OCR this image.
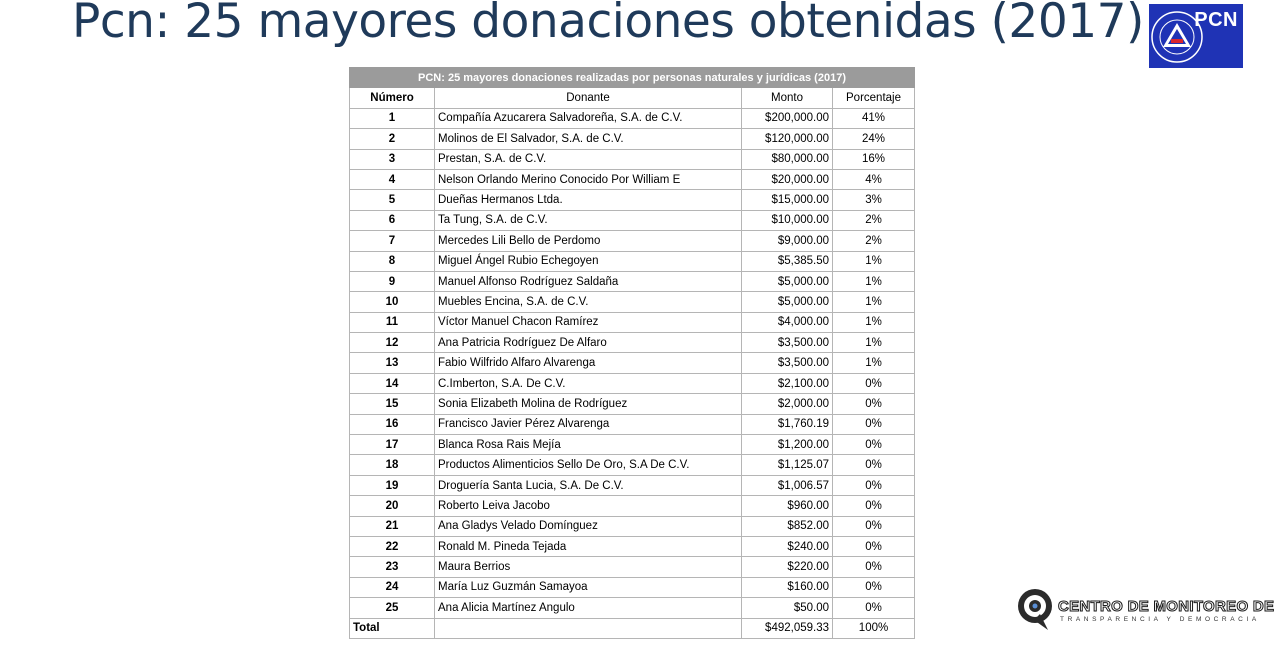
Pcn: 25 mayores donaciones obtenidas (2017)	PCN
PCN: 25 mayores donaciones realizadas por personas naturales y jurídicas (2017)			
Número	Donante	Monto	Porcentaje
1	Compañía Azucarera Salvadoreña, S.A. de C.V.	$200,000.00	41%
2	Molinos de El Salvador, S.A. de C.V.	$120,000.00	24%
3	Prestan, S.A. de C.V.	$80,000.00	16%
4	Nelson Orlando Merino Conocido Por William E	$20,000.00	4%
5	Dueñas Hermanos Ltda.	$15,000.00	3%
6	Ta Tung, S.A. de C.V.	$10,000.00	2%
7	Mercedes Lili Bello de Perdomo	$9,000.00	2%
8	Miguel Ángel Rubio Echegoyen	$5,385.50	1%
9	Manuel Alfonso Rodríguez Saldaña	$5,000.00	1%
10	Muebles Encina, S.A. de C.V.	$5,000.00	1%
11	Víctor Manuel Chacon Ramírez	$4,000.00	1%
12	Ana Patricia Rodríguez De Alfaro	$3,500.00	1%
13	Fabio Wilfrido Alfaro Alvarenga	$3,500.00	1%
14	C.Imberton, S.A. De C.V.	$2,100.00	0%
15	Sonia Elizabeth Molina de Rodríguez	$2,000.00	0%
16	Francisco Javier Pérez Alvarenga	$1,760.19	0%
17	Blanca Rosa Rais Mejía	$1,200.00	0%
18	Productos Alimenticios Sello De Oro, S.A De C.V.	$1,125.07	0%
19	Droguería Santa Lucia, S.A. De C.V.	$1,006.57	0%
20	Roberto Leiva Jacobo	$960.00	0%
21	Ana Gladys Velado Domínguez	$852.00	0%
22	Ronald M. Pineda Tejada	$240.00	0%
23	Maura Berrios	$220.00	0%
24	María Luz Guzmán Samayoa	$160.00	0%
25	Ana Alicia Martínez Angulo	$50.00	0%
Total		$492,059.33	100%
CENTRO DE MONITOREO DE
TRANSPARENCIA Y DEMOCRACIA
